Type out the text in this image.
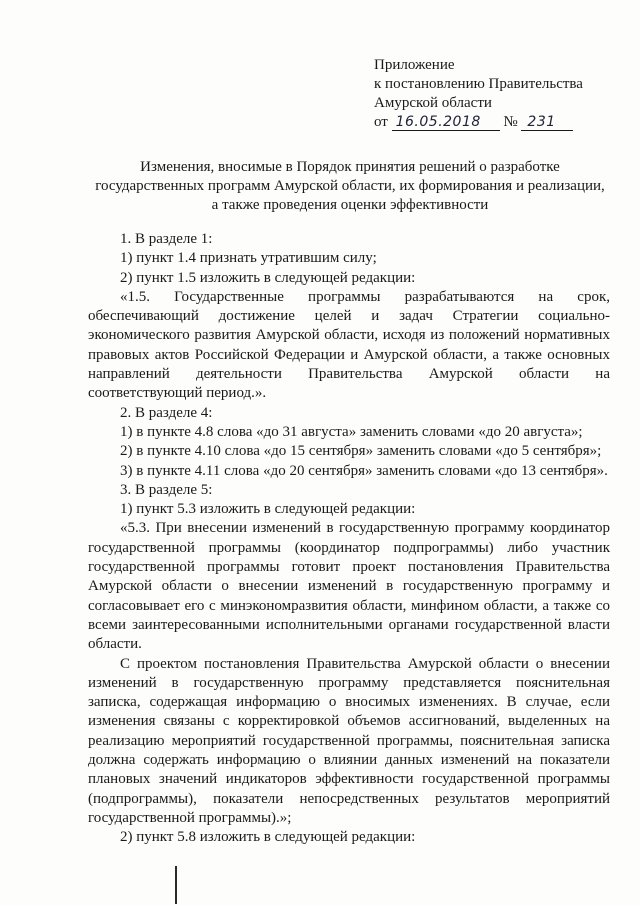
Приложение
к постановлению Правительства
Амурской области
от 16.05.2018 № 231
Изменения, вносимые в Порядок принятия решений о разработке
государственных программ Амурской области, их формирования и реализации,
а также проведения оценки эффективности

1. В разделе 1:

1) пункт 1.4 признать утратившим силу;

2) пункт 1.5 изложить в следующей редакции:

«1.5. Государственные программы разрабатываются на срок, обеспечивающий достижение целей и задач Стратегии социально-экономического развития Амурской области, исходя из положений нормативных правовых актов Российской Федерации и Амурской области, а также основных направлений деятельности Правительства Амурской области на соответствующий период.».

2. В разделе 4:

1) в пункте 4.8 слова «до 31 августа» заменить словами «до 20 августа»;

2) в пункте 4.10 слова «до 15 сентября» заменить словами «до 5 сентября»;

3) в пункте 4.11 слова «до 20 сентября» заменить словами «до 13 сентября».

3. В разделе 5:

1) пункт 5.3 изложить в следующей редакции:

«5.3. При внесении изменений в государственную программу координатор государственной программы (координатор подпрограммы) либо участник государственной программы готовит проект постановления Правительства Амурской области о внесении изменений в государственную программу и согласовывает его с минэкономразвития области, минфином области, а также со всеми заинтересованными исполнительными органами государственной власти области.

С проектом постановления Правительства Амурской области о внесении изменений в государственную программу представляется пояснительная записка, содержащая информацию о вносимых изменениях. В случае, если изменения связаны с корректировкой объемов ассигнований, выделенных на реализацию мероприятий государственной программы, пояснительная записка должна содержать информацию о влиянии данных изменений на показатели плановых значений индикаторов эффективности государственной программы (подпрограммы), показатели непосредственных результатов мероприятий государственной программы).»;

2) пункт 5.8 изложить в следующей редакции:
